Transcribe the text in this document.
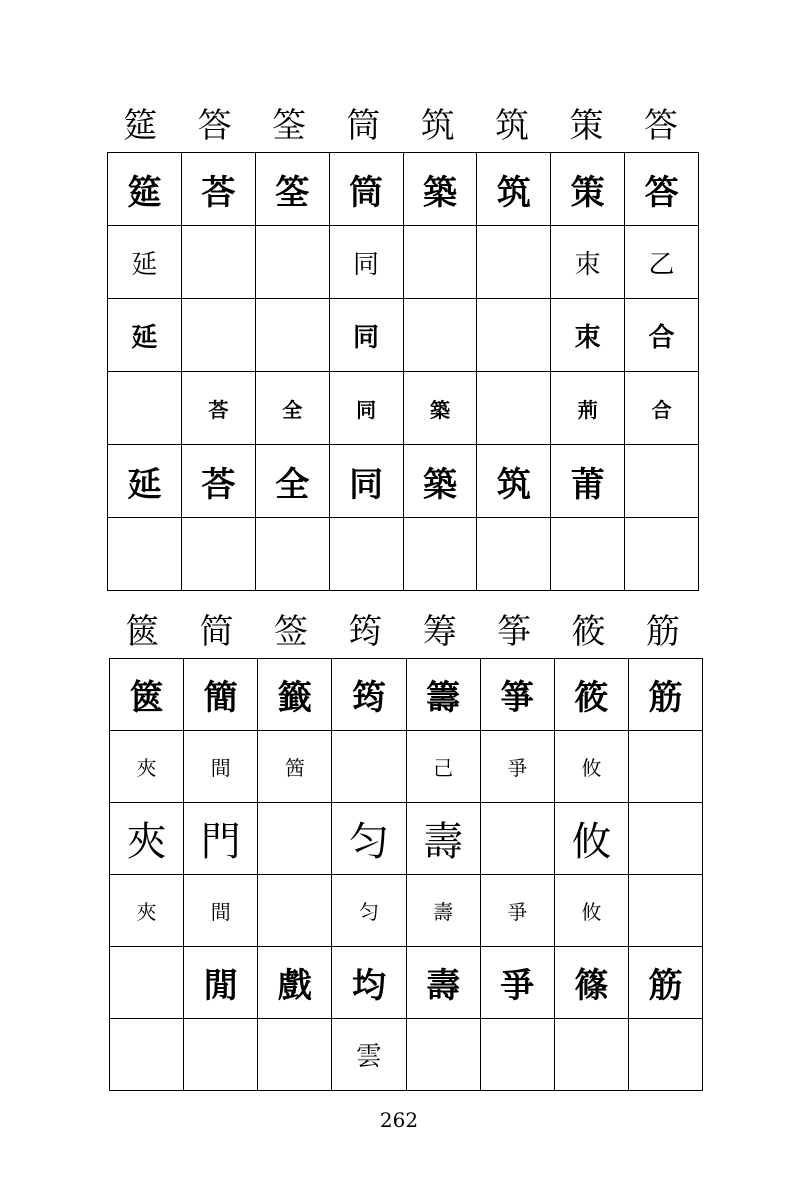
筵	答	筌	筒	筑	筑	策	答
筵	荅	筌	筒	築	筑	策	答
延			同			朿	乙
延			同			朿	合
	荅	全	同	築		荊	合
延	荅	全	同	築	筑	莆	

篋	简	签	筠	筹	筝	筱	筋
篋	簡	籤	筠	籌	箏	筱	筋
夾	間	䇴		己	爭	攸	
夾	門		匀	壽		攸	
夾	間		匀	壽	爭	攸	
	閒	戲	均	壽	爭	篠	筋
			雲				
262
